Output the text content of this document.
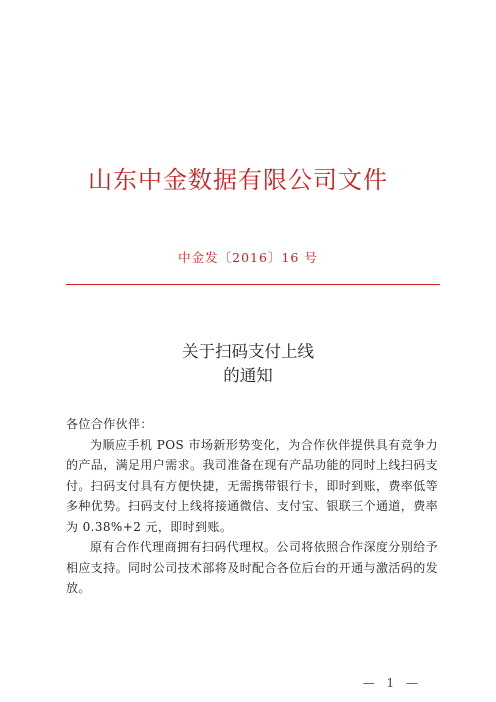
山东中金数据有限公司文件
中金发〔2016〕16 号
关于扫码支付上线
的通知

各位合作伙伴：

为顺应手机 POS 市场新形势变化，为合作伙伴提供具有竞争力的产品，满足用户需求。我司准备在现有产品功能的同时上线扫码支付。扫码支付具有方便快捷，无需携带银行卡，即时到账，费率低等多种优势。扫码支付上线将接通微信、支付宝、银联三个通道，费率为 0.38%+2 元，即时到账。

原有合作代理商拥有扫码代理权。公司将依照合作深度分别给予相应支持。同时公司技术部将及时配合各位后台的开通与激活码的发放。

— 1 —
